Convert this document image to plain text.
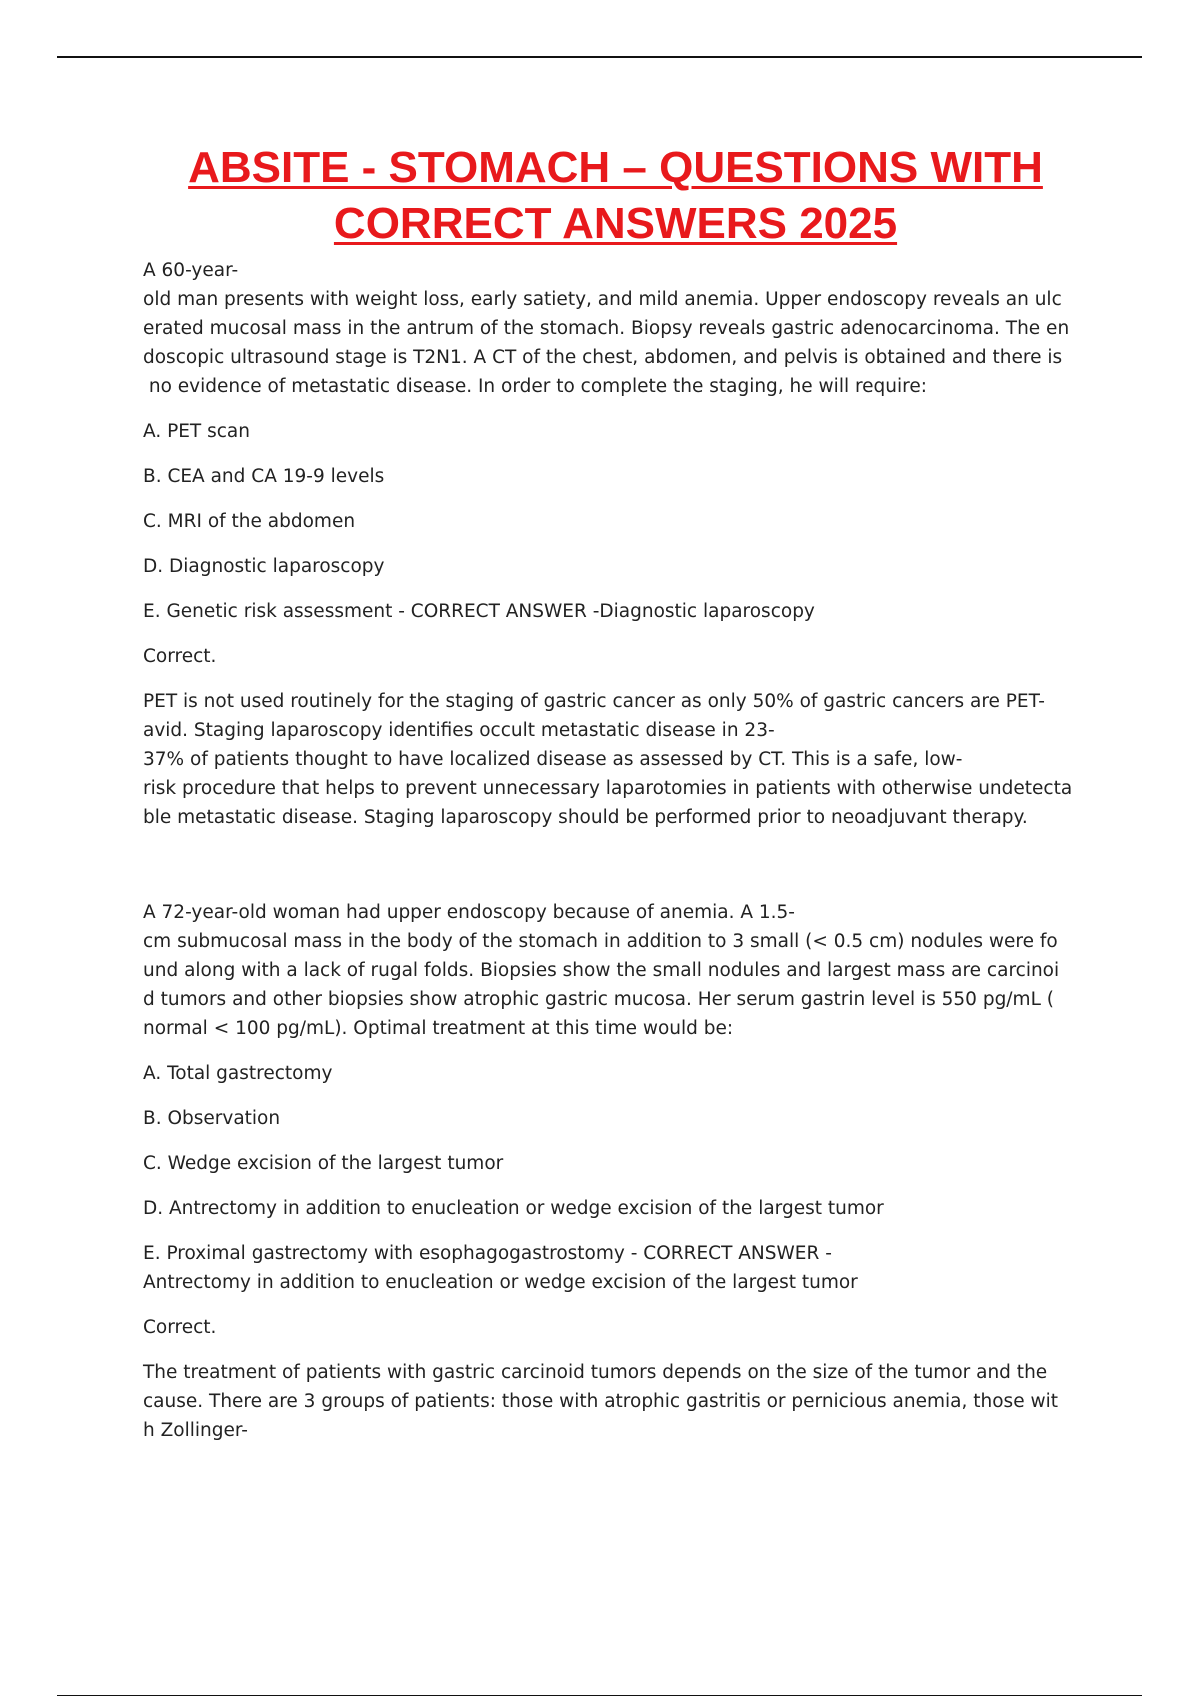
ABSITE - STOMACH – QUESTIONS WITH
CORRECT ANSWERS 2025

A 60-year-

old man presents with weight loss, early satiety, and mild anemia. Upper endoscopy reveals an ulc

erated mucosal mass in the antrum of the stomach. Biopsy reveals gastric adenocarcinoma. The en

doscopic ultrasound stage is T2N1. A CT of the chest, abdomen, and pelvis is obtained and there is

no evidence of metastatic disease. In order to complete the staging, he will require:

A. PET scan

B. CEA and CA 19-9 levels

C. MRI of the abdomen

D. Diagnostic laparoscopy

E. Genetic risk assessment - CORRECT ANSWER -Diagnostic laparoscopy

Correct.

PET is not used routinely for the staging of gastric cancer as only 50% of gastric cancers are PET-

avid. Staging laparoscopy identifies occult metastatic disease in 23-

37% of patients thought to have localized disease as assessed by CT. This is a safe, low-

risk procedure that helps to prevent unnecessary laparotomies in patients with otherwise undetecta

ble metastatic disease. Staging laparoscopy should be performed prior to neoadjuvant therapy.

A 72-year-old woman had upper endoscopy because of anemia. A 1.5-

cm submucosal mass in the body of the stomach in addition to 3 small (< 0.5 cm) nodules were fo

und along with a lack of rugal folds. Biopsies show the small nodules and largest mass are carcinoi

d tumors and other biopsies show atrophic gastric mucosa. Her serum gastrin level is 550 pg/mL (

normal < 100 pg/mL). Optimal treatment at this time would be:

A. Total gastrectomy

B. Observation

C. Wedge excision of the largest tumor

D. Antrectomy in addition to enucleation or wedge excision of the largest tumor

E. Proximal gastrectomy with esophagogastrostomy - CORRECT ANSWER -

Antrectomy in addition to enucleation or wedge excision of the largest tumor

Correct.

The treatment of patients with gastric carcinoid tumors depends on the size of the tumor and the

cause. There are 3 groups of patients: those with atrophic gastritis or pernicious anemia, those wit

h Zollinger-
